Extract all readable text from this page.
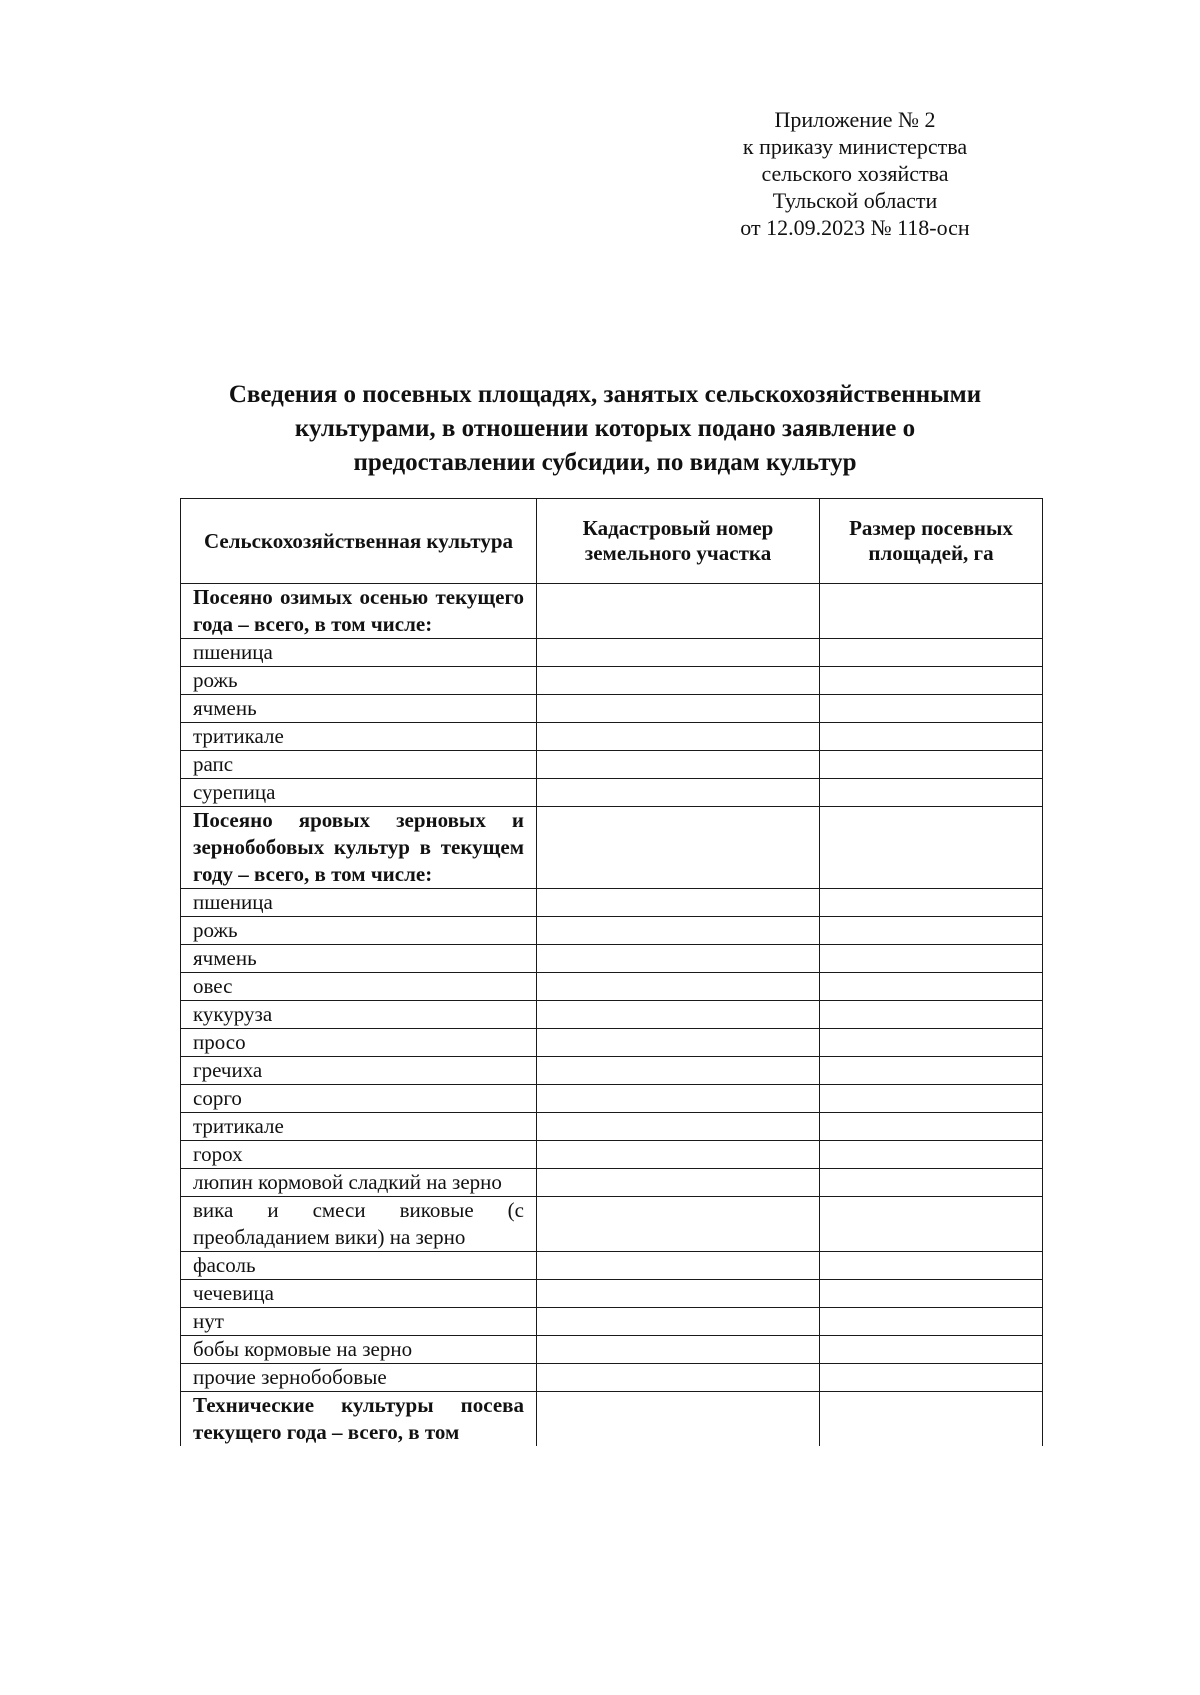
Приложение № 2
к приказу министерства
сельского хозяйства
Тульской области
от 12.09.2023 № 118-осн
Сведения о посевных площадях, занятых сельскохозяйственными
культурами, в отношении которых подано заявление о
предоставлении субсидии, по видам культур
Сельскохозяйственная культура	Кадастровый номер земельного участка	Размер посевных площадей, га
Посеяно озимых осенью текущего года – всего, в том числе:		
пшеница		
рожь		
ячмень		
тритикале		
рапс		
сурепица		
Посеяно яровых зерновых и зернобобовых культур в текущем году – всего, в том числе:		
пшеница		
рожь		
ячмень		
овес		
кукуруза		
просо		
гречиха		
сорго		
тритикале		
горох		
люпин кормовой сладкий на зерно		
вика и смеси виковые (с преобладанием вики) на зерно		
фасоль		
чечевица		
нут		
бобы кормовые на зерно		
прочие зернобобовые		
Технические культуры посева текущего года – всего, в том		
